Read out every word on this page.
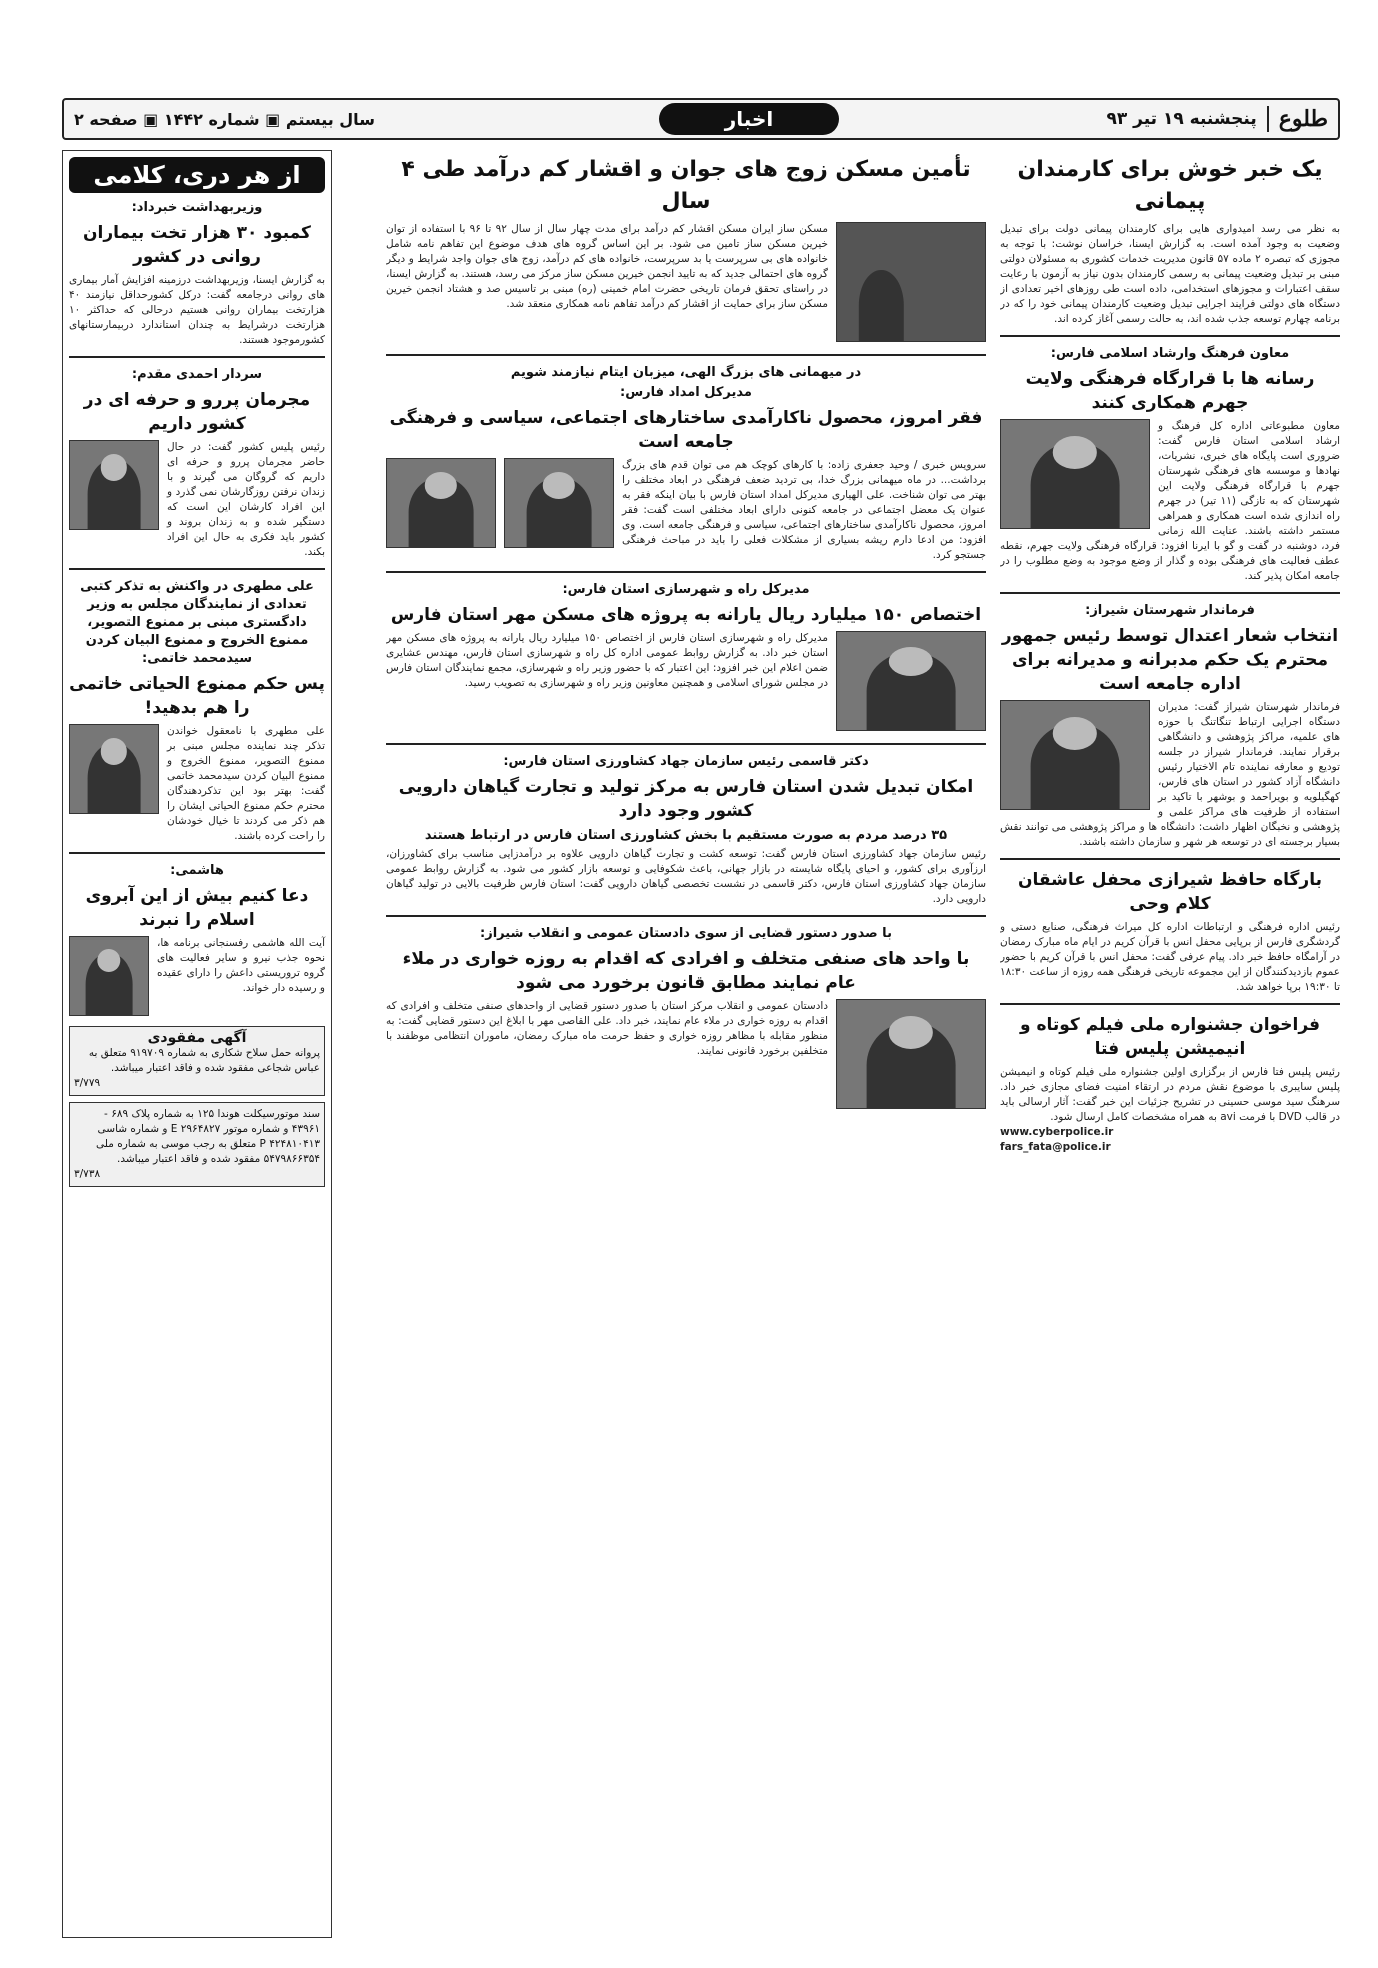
طلوع
پنجشنبه ۱۹ تیر ۹۳
اخبار
سال بیستم ▣ شماره ۱۴۴۲ ▣ صفحه ۲
یک خبر خوش برای کارمندان پیمانی
به نظر می رسد امیدواری هایی برای کارمندان پیمانی دولت برای تبدیل وضعیت به وجود آمده است. به گزارش ایسنا، خراسان نوشت: با توجه به مجوزی که تبصره ۲ ماده ۵۷ قانون مدیریت خدمات کشوری به مسئولان دولتی مبنی بر تبدیل وضعیت پیمانی به رسمی کارمندان بدون نیاز به آزمون با رعایت سقف اعتبارات و مجوزهای استخدامی، داده است طی روزهای اخیر تعدادی از دستگاه های دولتی فرایند اجرایی تبدیل وضعیت کارمندان پیمانی خود را که در برنامه چهارم توسعه جذب شده اند، به حالت رسمی آغاز کرده اند.
معاون فرهنگ وارشاد اسلامی فارس:
رسانه ها با قرارگاه فرهنگی ولایت جهرم همکاری کنند
معاون مطبوعاتی اداره کل فرهنگ و ارشاد اسلامی استان فارس گفت: ضروری است پایگاه های خبری، نشریات، نهادها و موسسه های فرهنگی شهرستان جهرم با قرارگاه فرهنگی ولایت این شهرستان که به تازگی (۱۱ تیر) در جهرم راه اندازی شده است همکاری و همراهی مستمر داشته باشند. عنایت الله زمانی فرد، دوشنبه در گفت و گو با ایرنا افزود: قرارگاه فرهنگی ولایت جهرم، نقطه عطف فعالیت های فرهنگی بوده و گذار از وضع موجود به وضع مطلوب را در جامعه امکان پذیر کند.
فرماندار شهرستان شیراز:
انتخاب شعار اعتدال توسط رئیس جمهور محترم یک حکم مدبرانه و مدیرانه برای اداره جامعه است
فرماندار شهرستان شیراز گفت: مدیران دستگاه اجرایی ارتباط تنگاتنگ با حوزه های علمیه، مراکز پژوهشی و دانشگاهی برقرار نمایند. فرماندار شیراز در جلسه تودیع و معارفه نماینده تام الاختیار رئیس دانشگاه آزاد کشور در استان های فارس، کهگیلویه و بویراحمد و بوشهر با تاکید بر استفاده از ظرفیت های مراکز علمی و پژوهشی و نخبگان اظهار داشت: دانشگاه ها و مراکز پژوهشی می توانند نقش بسیار برجسته ای در توسعه هر شهر و سازمان داشته باشند.
بارگاه حافظ شیرازی محفل عاشقان کلام وحی
رئیس اداره فرهنگی و ارتباطات اداره کل میراث فرهنگی، صنایع دستی و گردشگری فارس از برپایی محفل انس با قرآن کریم در ایام ماه مبارک رمضان در آرامگاه حافظ خبر داد. پیام عرفی گفت: محفل انس با قرآن کریم با حضور عموم بازدیدکنندگان از این مجموعه تاریخی فرهنگی همه روزه از ساعت ۱۸:۳۰ تا ۱۹:۳۰ برپا خواهد شد.
فراخوان جشنواره ملی فیلم کوتاه و انیمیشن پلیس فتا
رئیس پلیس فتا فارس از برگزاری اولین جشنواره ملی فیلم کوتاه و انیمیشن پلیس سایبری با موضوع نقش مردم در ارتقاء امنیت فضای مجازی خبر داد. سرهنگ سید موسی حسینی در تشریح جزئیات این خبر گفت: آثار ارسالی باید در قالب DVD با فرمت avi به همراه مشخصات کامل ارسال شود.
www.cyberpolice.ir
fars_fata@police.ir
تأمین مسکن زوج های جوان و اقشار کم درآمد طی ۴ سال
مسکن ساز ایران مسکن اقشار کم درآمد برای مدت چهار سال از سال ۹۲ تا ۹۶ با استفاده از توان خیرین مسکن ساز تامین می شود. بر این اساس گروه های هدف موضوع این تفاهم نامه شامل خانواده های بی سرپرست یا بد سرپرست، خانواده های کم درآمد، زوج های جوان واجد شرایط و دیگر گروه های احتمالی جدید که به تایید انجمن خیرین مسکن ساز مرکز می رسد، هستند. به گزارش ایسنا، در راستای تحقق فرمان تاریخی حضرت امام خمینی (ره) مبنی بر تاسیس صد و هشتاد انجمن خیرین مسکن ساز برای حمایت از اقشار کم درآمد تفاهم نامه همکاری منعقد شد.
در میهمانی های بزرگ الهی، میزبان ایتام نیازمند شویم
مدیرکل امداد فارس:
فقر امروز، محصول ناکارآمدی ساختارهای اجتماعی، سیاسی و فرهنگی جامعه است
سرویس خبری / وحید جعفری زاده: با کارهای کوچک هم می توان قدم های بزرگ برداشت... در ماه میهمانی بزرگ خدا، بی تردید ضعف فرهنگی در ابعاد مختلف را بهتر می توان شناخت. علی الهیاری مدیرکل امداد استان فارس با بیان اینکه فقر به عنوان یک معضل اجتماعی در جامعه کنونی دارای ابعاد مختلفی است گفت: فقر امروز، محصول ناکارآمدی ساختارهای اجتماعی، سیاسی و فرهنگی جامعه است. وی افزود: من ادعا دارم ریشه بسیاری از مشکلات فعلی را باید در مباحث فرهنگی جستجو کرد.
مدیرکل راه و شهرسازی استان فارس:
اختصاص ۱۵۰ میلیارد ریال یارانه به پروژه های مسکن مهر استان فارس
مدیرکل راه و شهرسازی استان فارس از اختصاص ۱۵۰ میلیارد ریال یارانه به پروژه های مسکن مهر استان خبر داد. به گزارش روابط عمومی اداره کل راه و شهرسازی استان فارس، مهندس عشایری ضمن اعلام این خبر افزود: این اعتبار که با حضور وزیر راه و شهرسازی، مجمع نمایندگان استان فارس در مجلس شورای اسلامی و همچنین معاونین وزیر راه و شهرسازی به تصویب رسید.
دکتر قاسمی رئیس سازمان جهاد کشاورزی استان فارس:
امکان تبدیل شدن استان فارس به مرکز تولید و تجارت گیاهان دارویی کشور وجود دارد
۳۵ درصد مردم به صورت مستقیم با بخش کشاورزی استان فارس در ارتباط هستند
رئیس سازمان جهاد کشاورزی استان فارس گفت: توسعه کشت و تجارت گیاهان دارویی علاوه بر درآمدزایی مناسب برای کشاورزان، ارزآوری برای کشور، و احیای پایگاه شایسته در بازار جهانی، باعث شکوفایی و توسعه بازار کشور می شود. به گزارش روابط عمومی سازمان جهاد کشاورزی استان فارس، دکتر قاسمی در نشست تخصصی گیاهان دارویی گفت: استان فارس ظرفیت بالایی در تولید گیاهان دارویی دارد.
با صدور دستور قضایی از سوی دادستان عمومی و انقلاب شیراز:
با واحد های صنفی متخلف و افرادی که اقدام به روزه خواری در ملاء عام نمایند مطابق قانون برخورد می شود
دادستان عمومی و انقلاب مرکز استان با صدور دستور قضایی از واحدهای صنفی متخلف و افرادی که اقدام به روزه خواری در ملاء عام نمایند، خبر داد. علی القاصی مهر با ابلاغ این دستور قضایی گفت: به منظور مقابله با مظاهر روزه خواری و حفظ حرمت ماه مبارک رمضان، ماموران انتظامی موظفند با متخلفین برخورد قانونی نمایند.
از هر دری، کلامی
وزیربهداشت خبرداد:
کمبود ۳۰ هزار تخت بیماران روانی در کشور
به گزارش ایسنا، وزیربهداشت درزمینه افزایش آمار بیماری های روانی درجامعه گفت: درکل کشورحداقل نیازمند ۴۰ هزارتخت بیماران روانی هستیم درحالی که حداکثر ۱۰ هزارتخت درشرایط به چندان استاندارد دربیمارستانهای کشورموجود هستند.
سردار احمدی مقدم:
مجرمان پررو و حرفه ای در کشور داریم
رئیس پلیس کشور گفت: در حال حاضر مجرمان پررو و حرفه ای داریم که گروگان می گیرند و با زندان نرفتن روزگارشان نمی گذرد و این افراد کارشان این است که دستگیر شده و به زندان بروند و کشور باید فکری به حال این افراد بکند.
علی مطهری در واکنش به تذکر کتبی تعدادی از نمایندگان مجلس به وزیر دادگستری مبنی بر ممنوع التصویر، ممنوع الخروج و ممنوع البیان کردن سیدمحمد خاتمی:
پس حکم ممنوع الحیاتی خاتمی را هم بدهید!
علی مطهری با نامعقول خواندن تذکر چند نماینده مجلس مبنی بر ممنوع التصویر، ممنوع الخروج و ممنوع البیان کردن سیدمحمد خاتمی گفت: بهتر بود این تذکردهندگان محترم حکم ممنوع الحیاتی ایشان را هم ذکر می کردند تا خیال خودشان را راحت کرده باشند.
هاشمی:
دعا کنیم بیش از این آبروی اسلام را نبرند
آیت الله هاشمی رفسنجانی برنامه ها، نحوه جذب نیرو و سایر فعالیت های گروه تروریستی داعش را دارای عقیده و رسیده دار خواند.
آگهی مفقودی
پروانه حمل سلاح شکاری به شماره ۹۱۹۷۰۹ متعلق به عباس شجاعی مفقود شده و فاقد اعتبار میباشد.
۳/۷۷۹
سند موتورسیکلت هوندا ۱۲۵ به شماره پلاک ۶۸۹ - ۴۳۹۶۱ و شماره موتور ۲۹۶۴۸۲۷ E و شماره شاسی ۴۲۴۸۱۰۴۱۳ P متعلق به رجب موسی به شماره ملی ۵۴۷۹۸۶۶۳۵۴ مفقود شده و فاقد اعتبار میباشد.
۳/۷۳۸
